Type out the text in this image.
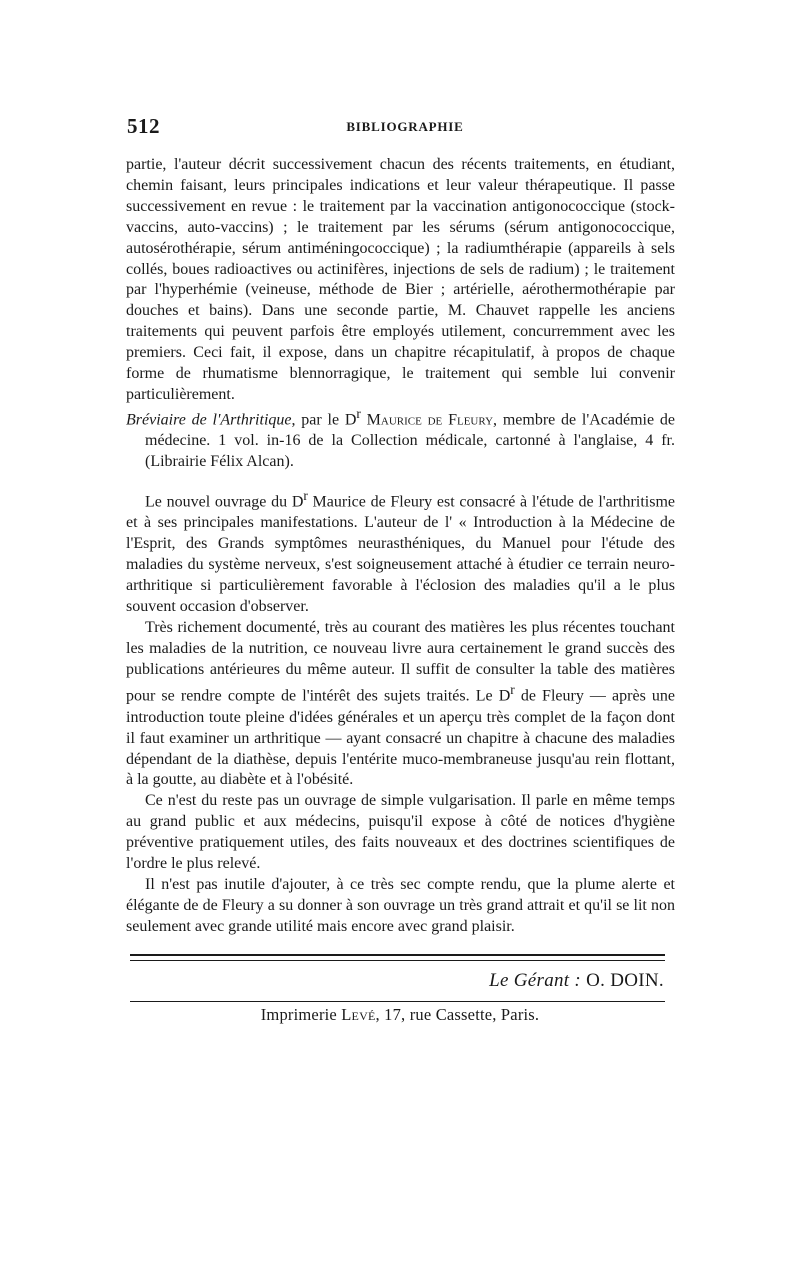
512	BIBLIOGRAPHIE

partie, l'auteur décrit successivement chacun des récents traitements, en étudiant, chemin faisant, leurs principales indications et leur valeur thérapeutique. Il passe successivement en revue : le traitement par la vaccination antigonococcique (stock-vaccins, auto-vaccins) ; le traitement par les sérums (sérum antigonococcique, autosérothérapie, sérum antiméningococcique) ; la radiumthérapie (appareils à sels collés, boues radioactives ou actinifères, injections de sels de radium) ; le traitement par l'hyperhémie (veineuse, méthode de Bier ; artérielle, aérothermothérapie par douches et bains). Dans une seconde partie, M. Chauvet rappelle les anciens traitements qui peuvent parfois être employés utilement, concurremment avec les premiers. Ceci fait, il expose, dans un chapitre récapitulatif, à propos de chaque forme de rhumatisme blennorragique, le traitement qui semble lui convenir particulièrement.

Bréviaire de l'Arthritique, par le $D^r$ Maurice de Fleury, membre de l'Académie de médecine. 1 vol. in-16 de la Collection médicale, cartonné à l'anglaise, 4 fr. (Librairie Félix Alcan).

Le nouvel ouvrage du $D^r$ Maurice de Fleury est consacré à l'étude de l'arthritisme et à ses principales manifestations. L'auteur de l' « Introduction à la Médecine de l'Esprit, des Grands symptômes neurasthéniques, du Manuel pour l'étude des maladies du système nerveux, s'est soigneusement attaché à étudier ce terrain neuro-arthritique si particulièrement favorable à l'éclosion des maladies qu'il a le plus souvent occasion d'observer.

Très richement documenté, très au courant des matières les plus récentes touchant les maladies de la nutrition, ce nouveau livre aura certainement le grand succès des publications antérieures du même auteur. Il suffit de consulter la table des matières pour se rendre compte de l'intérêt des sujets traités. Le $D^r$ de Fleury — après une introduction toute pleine d'idées générales et un aperçu très complet de la façon dont il faut examiner un arthritique — ayant consacré un chapitre à chacune des maladies dépendant de la diathèse, depuis l'entérite muco-membraneuse jusqu'au rein flottant, à la goutte, au diabète et à l'obésité.

Ce n'est du reste pas un ouvrage de simple vulgarisation. Il parle en même temps au grand public et aux médecins, puisqu'il expose à côté de notices d'hygiène préventive pratiquement utiles, des faits nouveaux et des doctrines scientifiques de l'ordre le plus relevé.

Il n'est pas inutile d'ajouter, à ce très sec compte rendu, que la plume alerte et élégante de de Fleury a su donner à son ouvrage un très grand attrait et qu'il se lit non seulement avec grande utilité mais encore avec grand plaisir.

Le Gérant : O. DOIN.
Imprimerie Levé, 17, rue Cassette, Paris.
